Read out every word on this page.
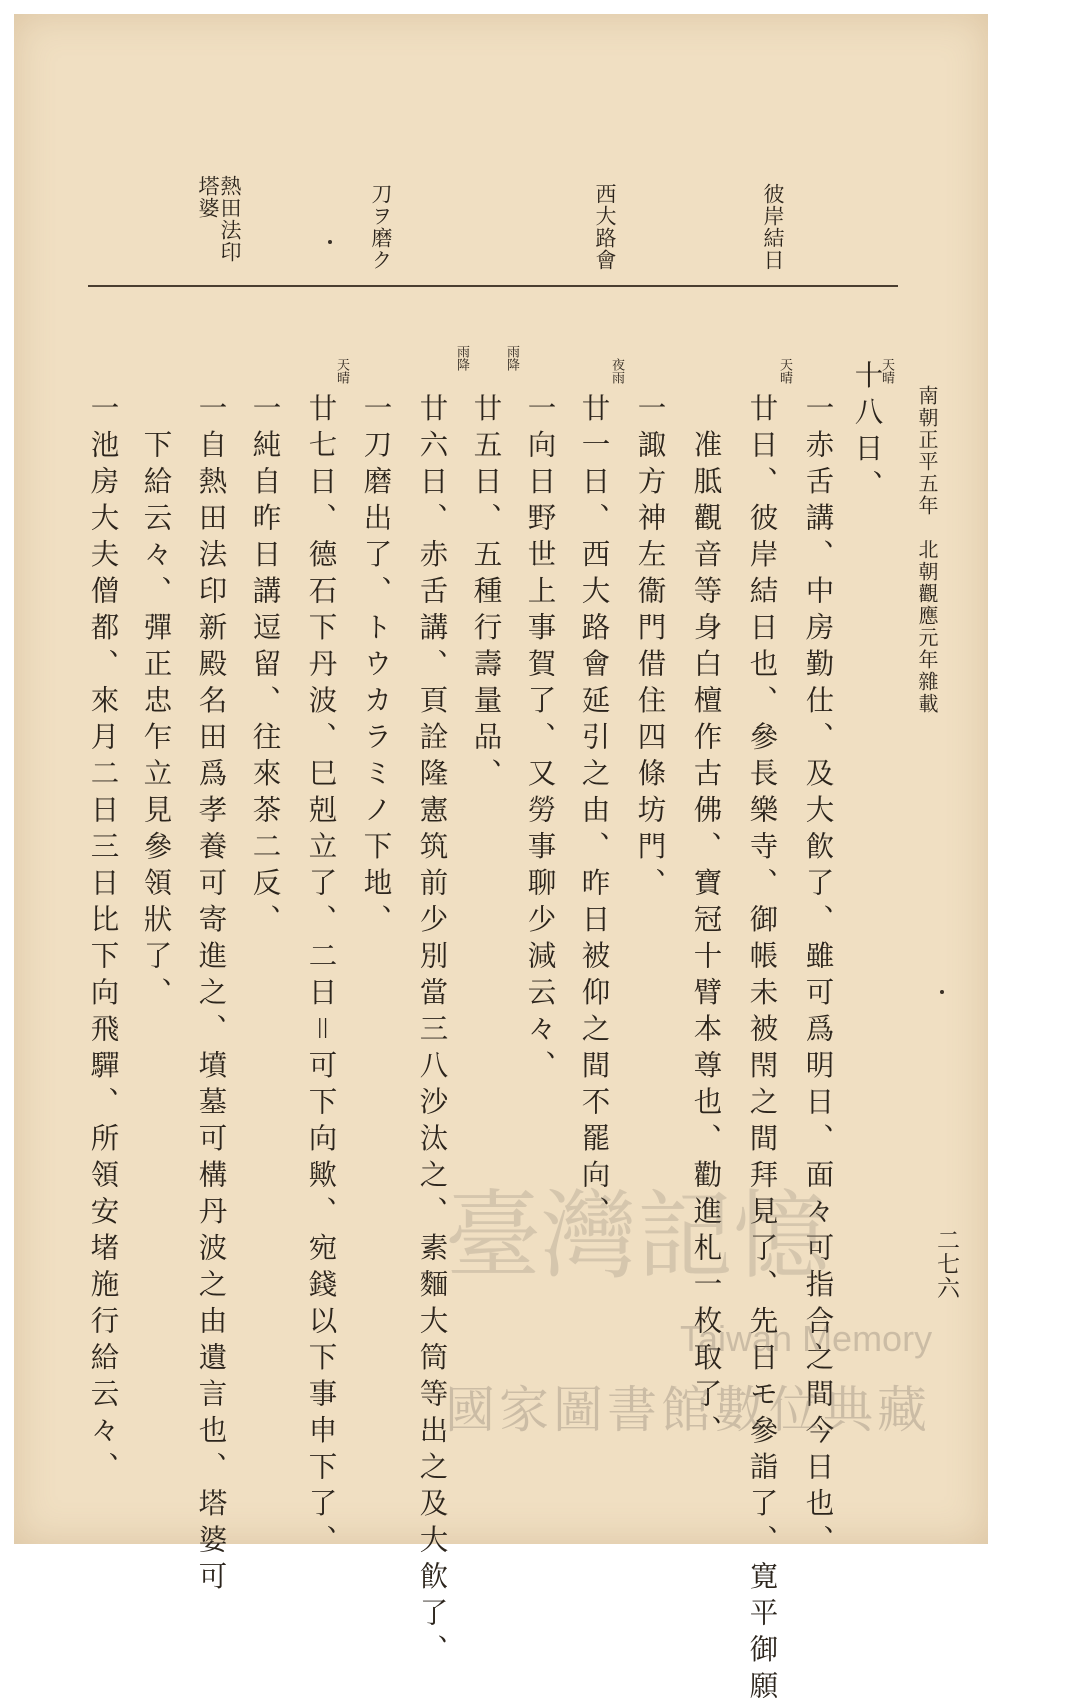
南朝正平五年　北朝觀應元年雜載
二七六
彼岸結日
西大路會
刀ヲ磨ク
熱田法印
塔婆
天晴
天晴
夜雨
雨降
雨降
天晴	十八日、
一赤舌講、中房勤仕、及大飮了、雖可爲明日、面々可指合之間今日也、
廿日、彼岸結日也、參長樂寺、御帳未被閇之間拜見了、先日モ參詣了、寛平御願
　准胝觀音等身白檀作古佛、寶冠十臂本尊也、勸進札一枚取了、
一諏方神左衞門借住四條坊門、
廿一日、西大路會延引之由、昨日被仰之間不罷向、
一向日野世上事賀了、又勞事聊少減云々、
廿五日、五種行壽量品、
廿六日、赤舌講、頁詮隆憲筑前少別當三八沙汰之、素麵大筒等出之及大飮了、
一刀磨出了、トウカラミノ下地、
廿七日、德石下丹波、巳剋立了、二日＝可下向歟、宛錢以下事申下了、
一純自昨日講逗留、往來茶二反、
一自熱田法印新殿名田爲孝養可寄進之、墳墓可構丹波之由遺言也、塔婆可
　下給云々、彈正忠乍立見參領狀了、
一池房大夫僧都、來月二日三日比下向飛驒、所領安堵施行給云々、	臺灣記憶
Taiwan Memory
國家圖書館數位典藏
